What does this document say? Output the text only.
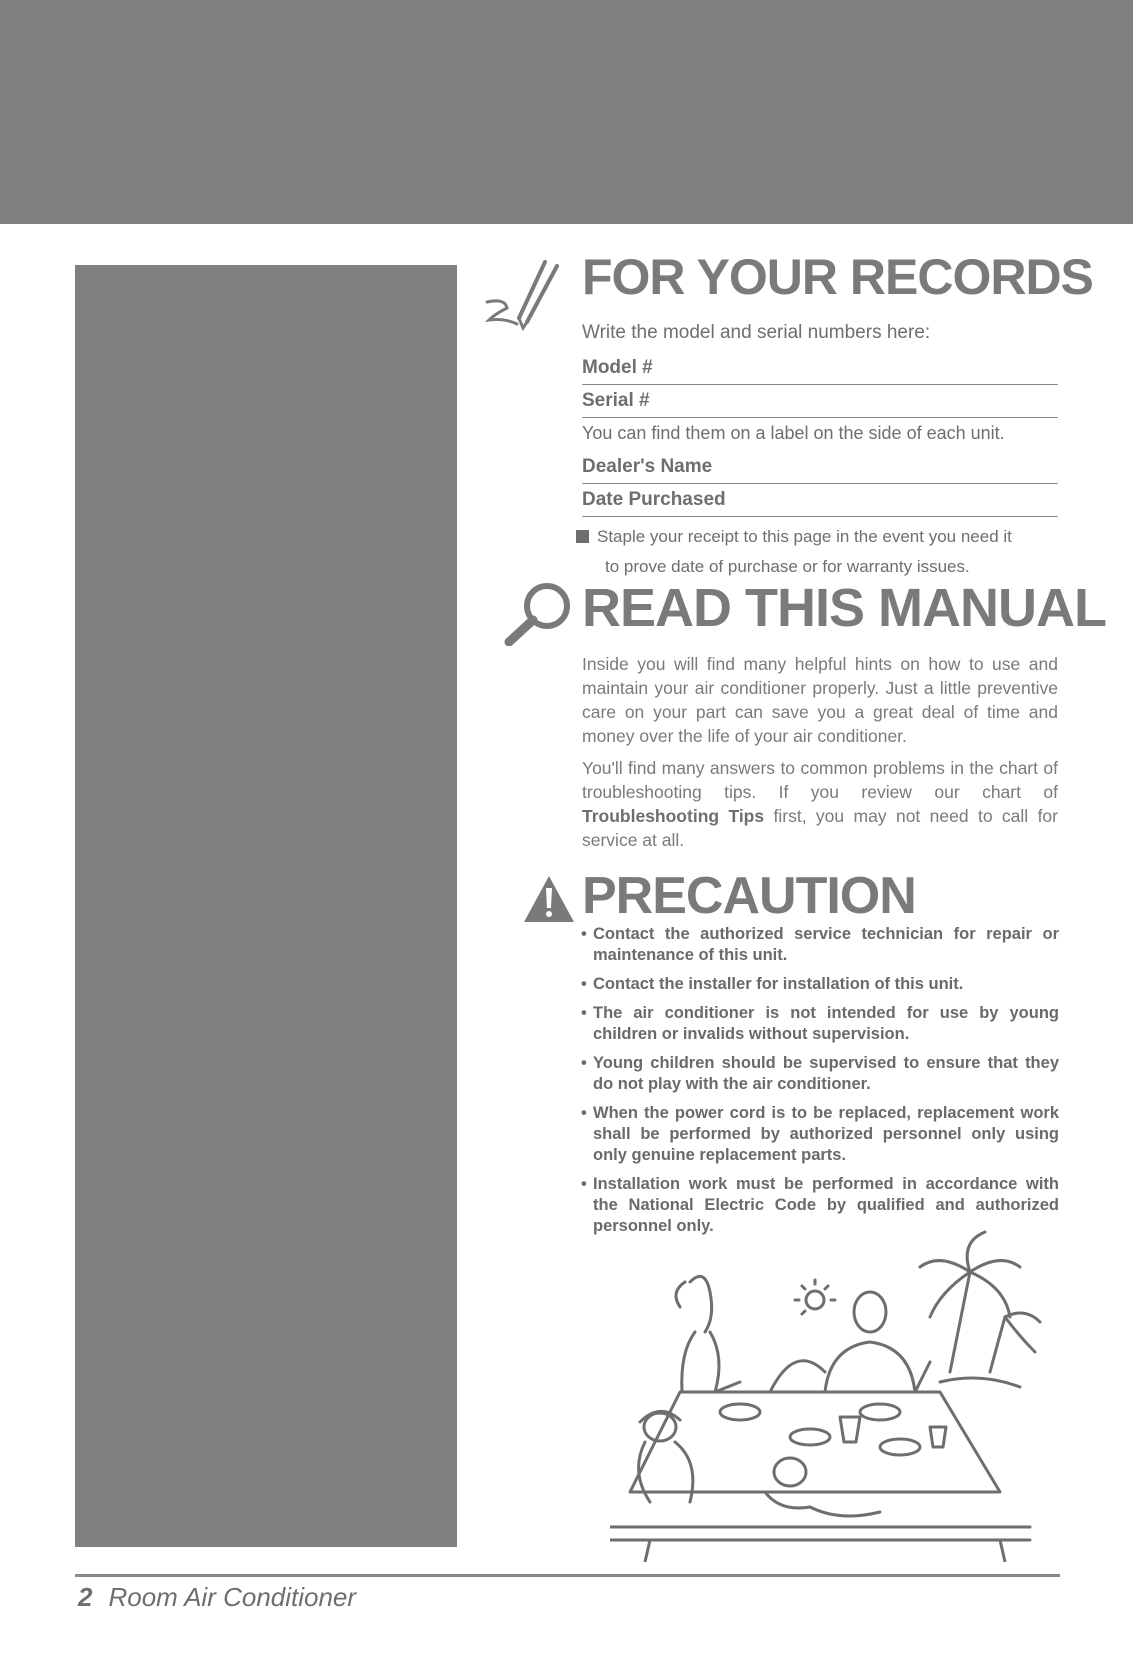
FOR YOUR RECORDS

Write the model and serial numbers here:

Model #
Serial #

You can find them on a label on the side of each unit.

Dealer's Name
Date Purchased
Staple your receipt to this page in the event you need it
to prove date of purchase or for warranty issues.
READ THIS MANUAL

Inside you will find many helpful hints on how to use and maintain your air conditioner properly. Just a little preventive care on your part can save you a great deal of time and money over the life of your air conditioner.

You'll find many answers to common problems in the chart of troubleshooting tips. If you review our chart of Troubleshooting Tips first, you may not need to call for service at all.

PRECAUTION
• Contact the authorized service technician for repair or maintenance of this unit.
• Contact the installer for installation of this unit.
• The air conditioner is not intended for use by young children or invalids without supervision.
• Young children should be supervised to ensure that they do not play with the air conditioner.
• When the power cord is to be replaced, replacement work shall be performed by authorized personnel only using only genuine replacement parts.
• Installation work must be performed in accordance with the National Electric Code by qualified and authorized personnel only.
2 Room Air Conditioner
